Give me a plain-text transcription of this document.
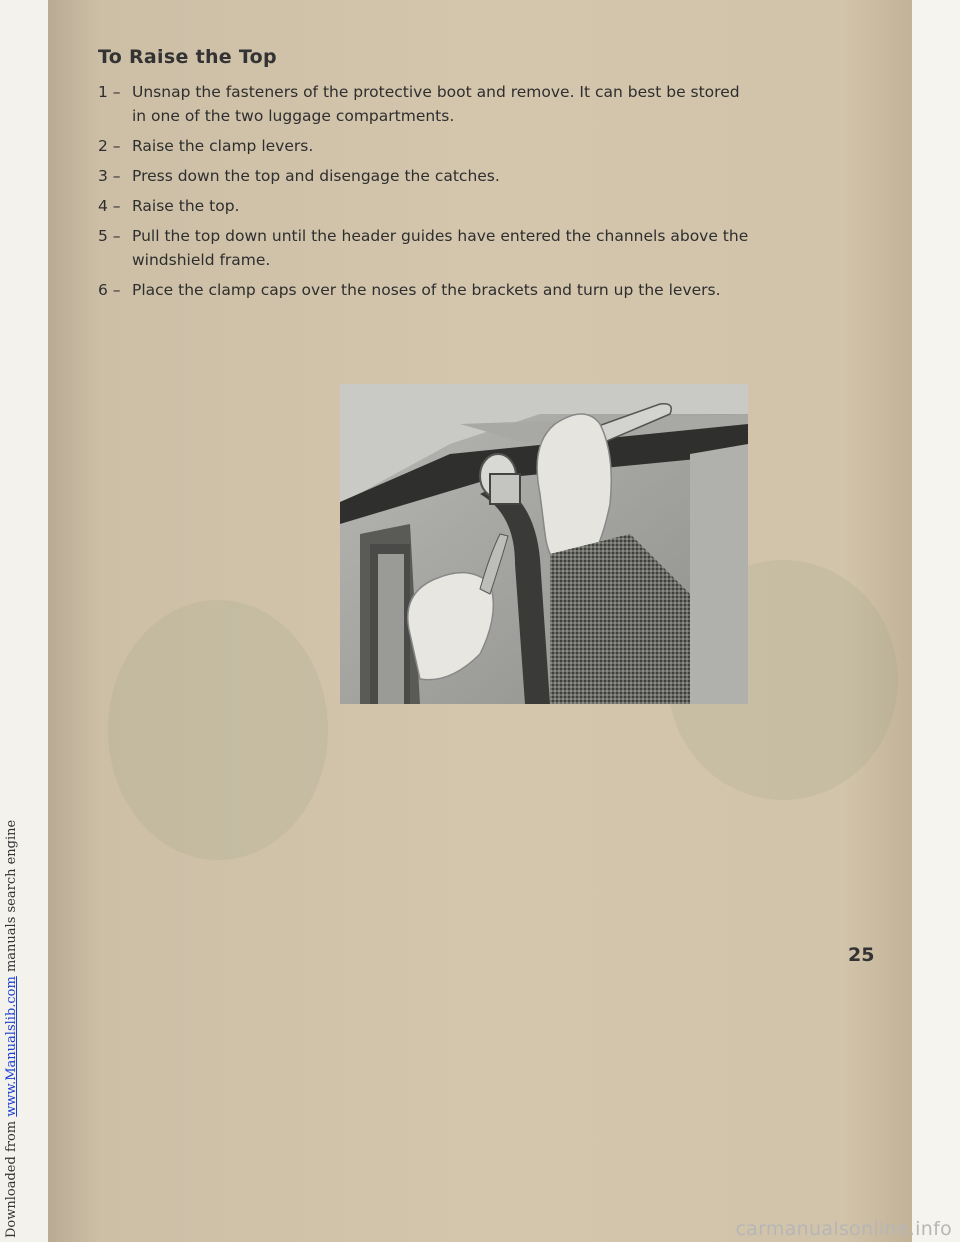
Downloaded from www.Manualslib.com manuals search engine
To Raise the Top
1 – Unsnap the fasteners of the protective boot and remove. It can best be stored in one of the two luggage compartments.
2 – Raise the clamp levers.
3 – Press down the top and disengage the catches.
4 – Raise the top.
5 – Pull the top down until the header guides have entered the channels above the windshield frame.
6 – Place the clamp caps over the noses of the brackets and turn up the levers.
25
carmanualsonline.info
